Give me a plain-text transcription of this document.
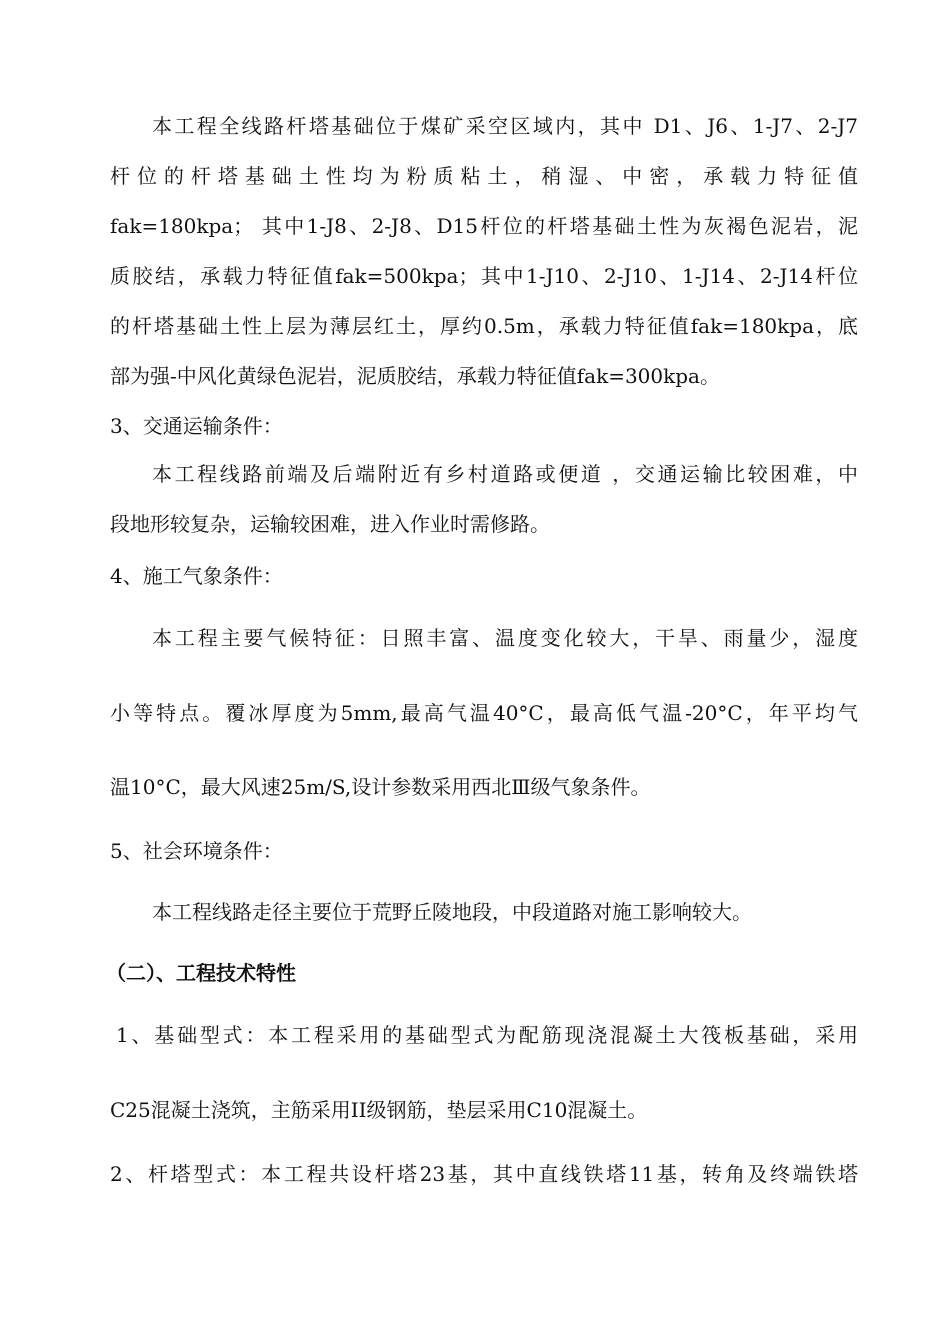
本工程全线路杆塔基础位于煤矿采空区域内，其中 D1、J6、1-J7、2-J7
杆位的杆塔基础土性均为粉质粘土，稍湿、中密，承载力特征值
fak=180kpa； 其中1-J8、2-J8、D15杆位的杆塔基础土性为灰褐色泥岩，泥
质胶结，承载力特征值fak=500kpa；其中1-J10、2-J10、1-J14、2-J14杆位
的杆塔基础土性上层为薄层红土，厚约0.5m，承载力特征值fak=180kpa，底
部为强-中风化黄绿色泥岩，泥质胶结，承载力特征值fak=300kpa。
3、交通运输条件：
本工程线路前端及后端附近有乡村道路或便道 ，交通运输比较困难，中
段地形较复杂，运输较困难，进入作业时需修路。
4、施工气象条件：
本工程主要气候特征：日照丰富、温度变化较大，干旱、雨量少，湿度
小等特点。覆冰厚度为5mm,最高气温40°C，最高低气温-20°C，年平均气
温10°C，最大风速25m/S,设计参数采用西北Ⅲ级气象条件。
5、社会环境条件：
本工程线路走径主要位于荒野丘陵地段，中段道路对施工影响较大。
（二）、工程技术特性
1、基础型式：本工程采用的基础型式为配筋现浇混凝土大筏板基础，采用
C25混凝土浇筑，主筋采用ⅠⅠ级钢筋，垫层采用C10混凝土。
2、杆塔型式：本工程共设杆塔23基，其中直线铁塔11基，转角及终端铁塔
